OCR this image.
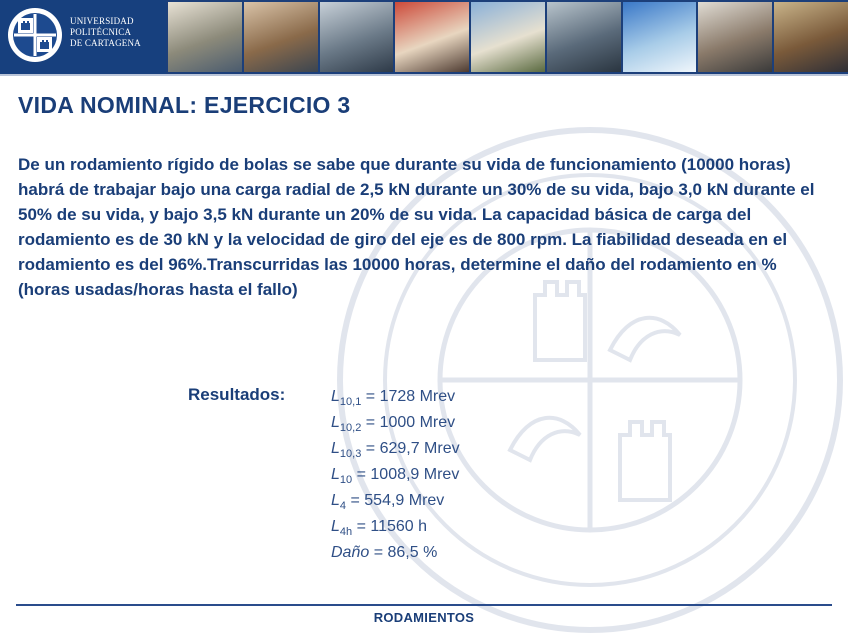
UNIVERSIDAD
POLITÉCNICA
DE CARTAGENA
VIDA NOMINAL: EJERCICIO 3

De un rodamiento rígido de bolas se sabe que durante su vida de funcionamiento (10000 horas) habrá de trabajar bajo una carga radial de 2,5 kN durante un 30% de su vida, bajo 3,0 kN durante el 50% de su vida, y bajo 3,5 kN durante un 20% de su vida. La capacidad básica de carga del rodamiento es de 30 kN y la velocidad de giro del eje es de 800 rpm. La fiabilidad deseada en el rodamiento es del 96%.Transcurridas las 10000 horas, determine el daño del rodamiento en % (horas usadas/horas hasta el fallo)

Resultados:	$L_{10,1} = 1728$ Mrev
$L_{10,2} = 1000$ Mrev
$L_{10,3} = 629,7$ Mrev
$L_{10} = 1008,9$ Mrev
$L_4 = 554,9$ Mrev
$L_{4h} = 11560$ h
Daño = 86,5 %
RODAMIENTOS
